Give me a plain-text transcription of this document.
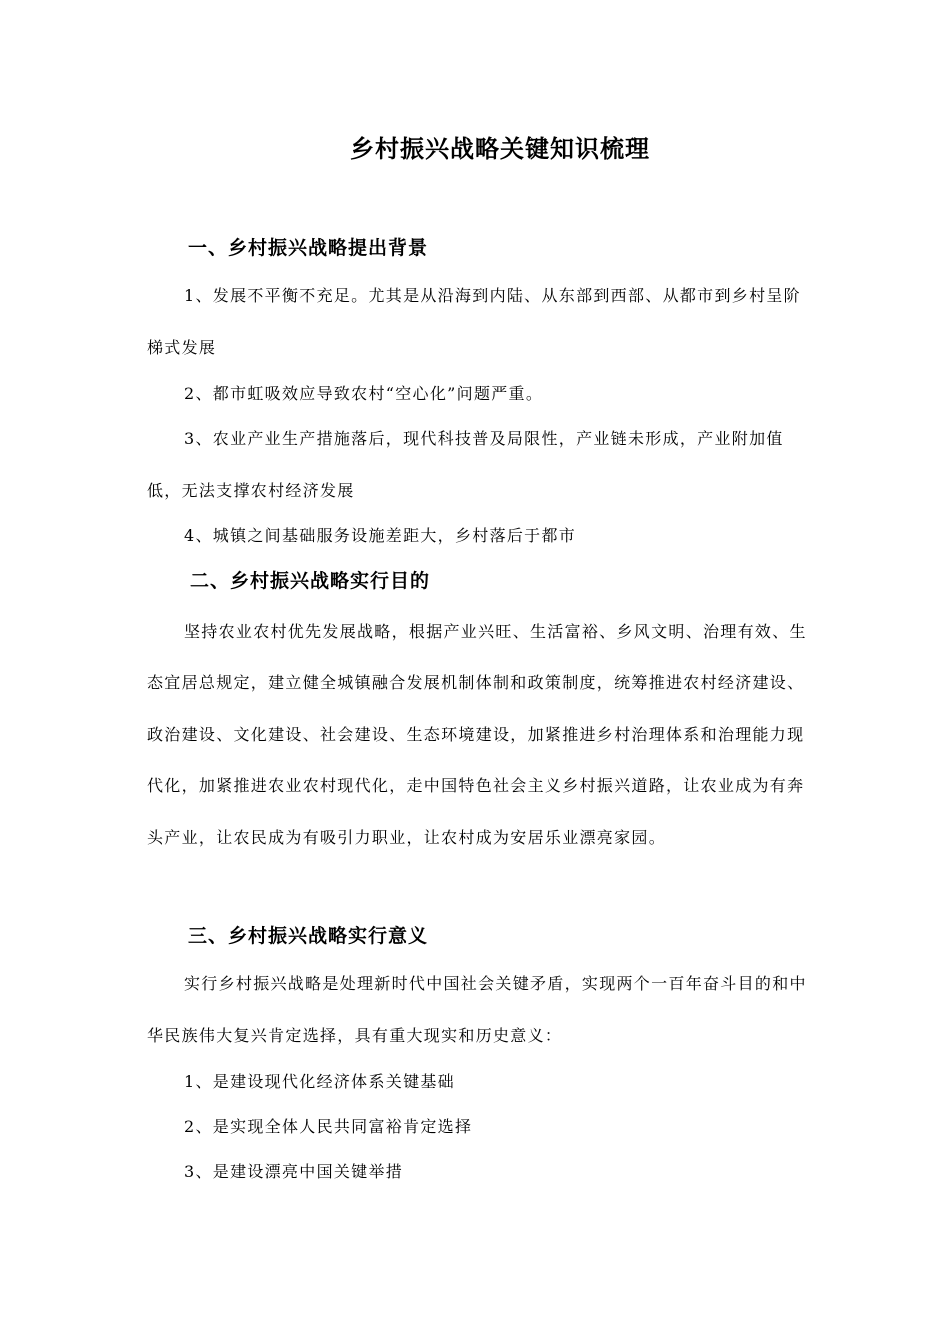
乡村振兴战略关键知识梳理
一、乡村振兴战略提出背景

1、发展不平衡不充足。尤其是从沿海到内陆、从东部到西部、从都市到乡村呈阶梯式发展

2、都市虹吸效应导致农村“空心化”问题严重。

3、农业产业生产措施落后，现代科技普及局限性，产业链未形成，产业附加值低，无法支撑农村经济发展

4、城镇之间基础服务设施差距大，乡村落后于都市

二、乡村振兴战略实行目的

坚持农业农村优先发展战略，根据产业兴旺、生活富裕、乡风文明、治理有效、生态宜居总规定，建立健全城镇融合发展机制体制和政策制度，统筹推进农村经济建设、政治建设、文化建设、社会建设、生态环境建设，加紧推进乡村治理体系和治理能力现代化，加紧推进农业农村现代化，走中国特色社会主义乡村振兴道路，让农业成为有奔头产业，让农民成为有吸引力职业，让农村成为安居乐业漂亮家园。

三、乡村振兴战略实行意义

实行乡村振兴战略是处理新时代中国社会关键矛盾，实现两个一百年奋斗目的和中华民族伟大复兴肯定选择，具有重大现实和历史意义：

1、是建设现代化经济体系关键基础

2、是实现全体人民共同富裕肯定选择

3、是建设漂亮中国关键举措
